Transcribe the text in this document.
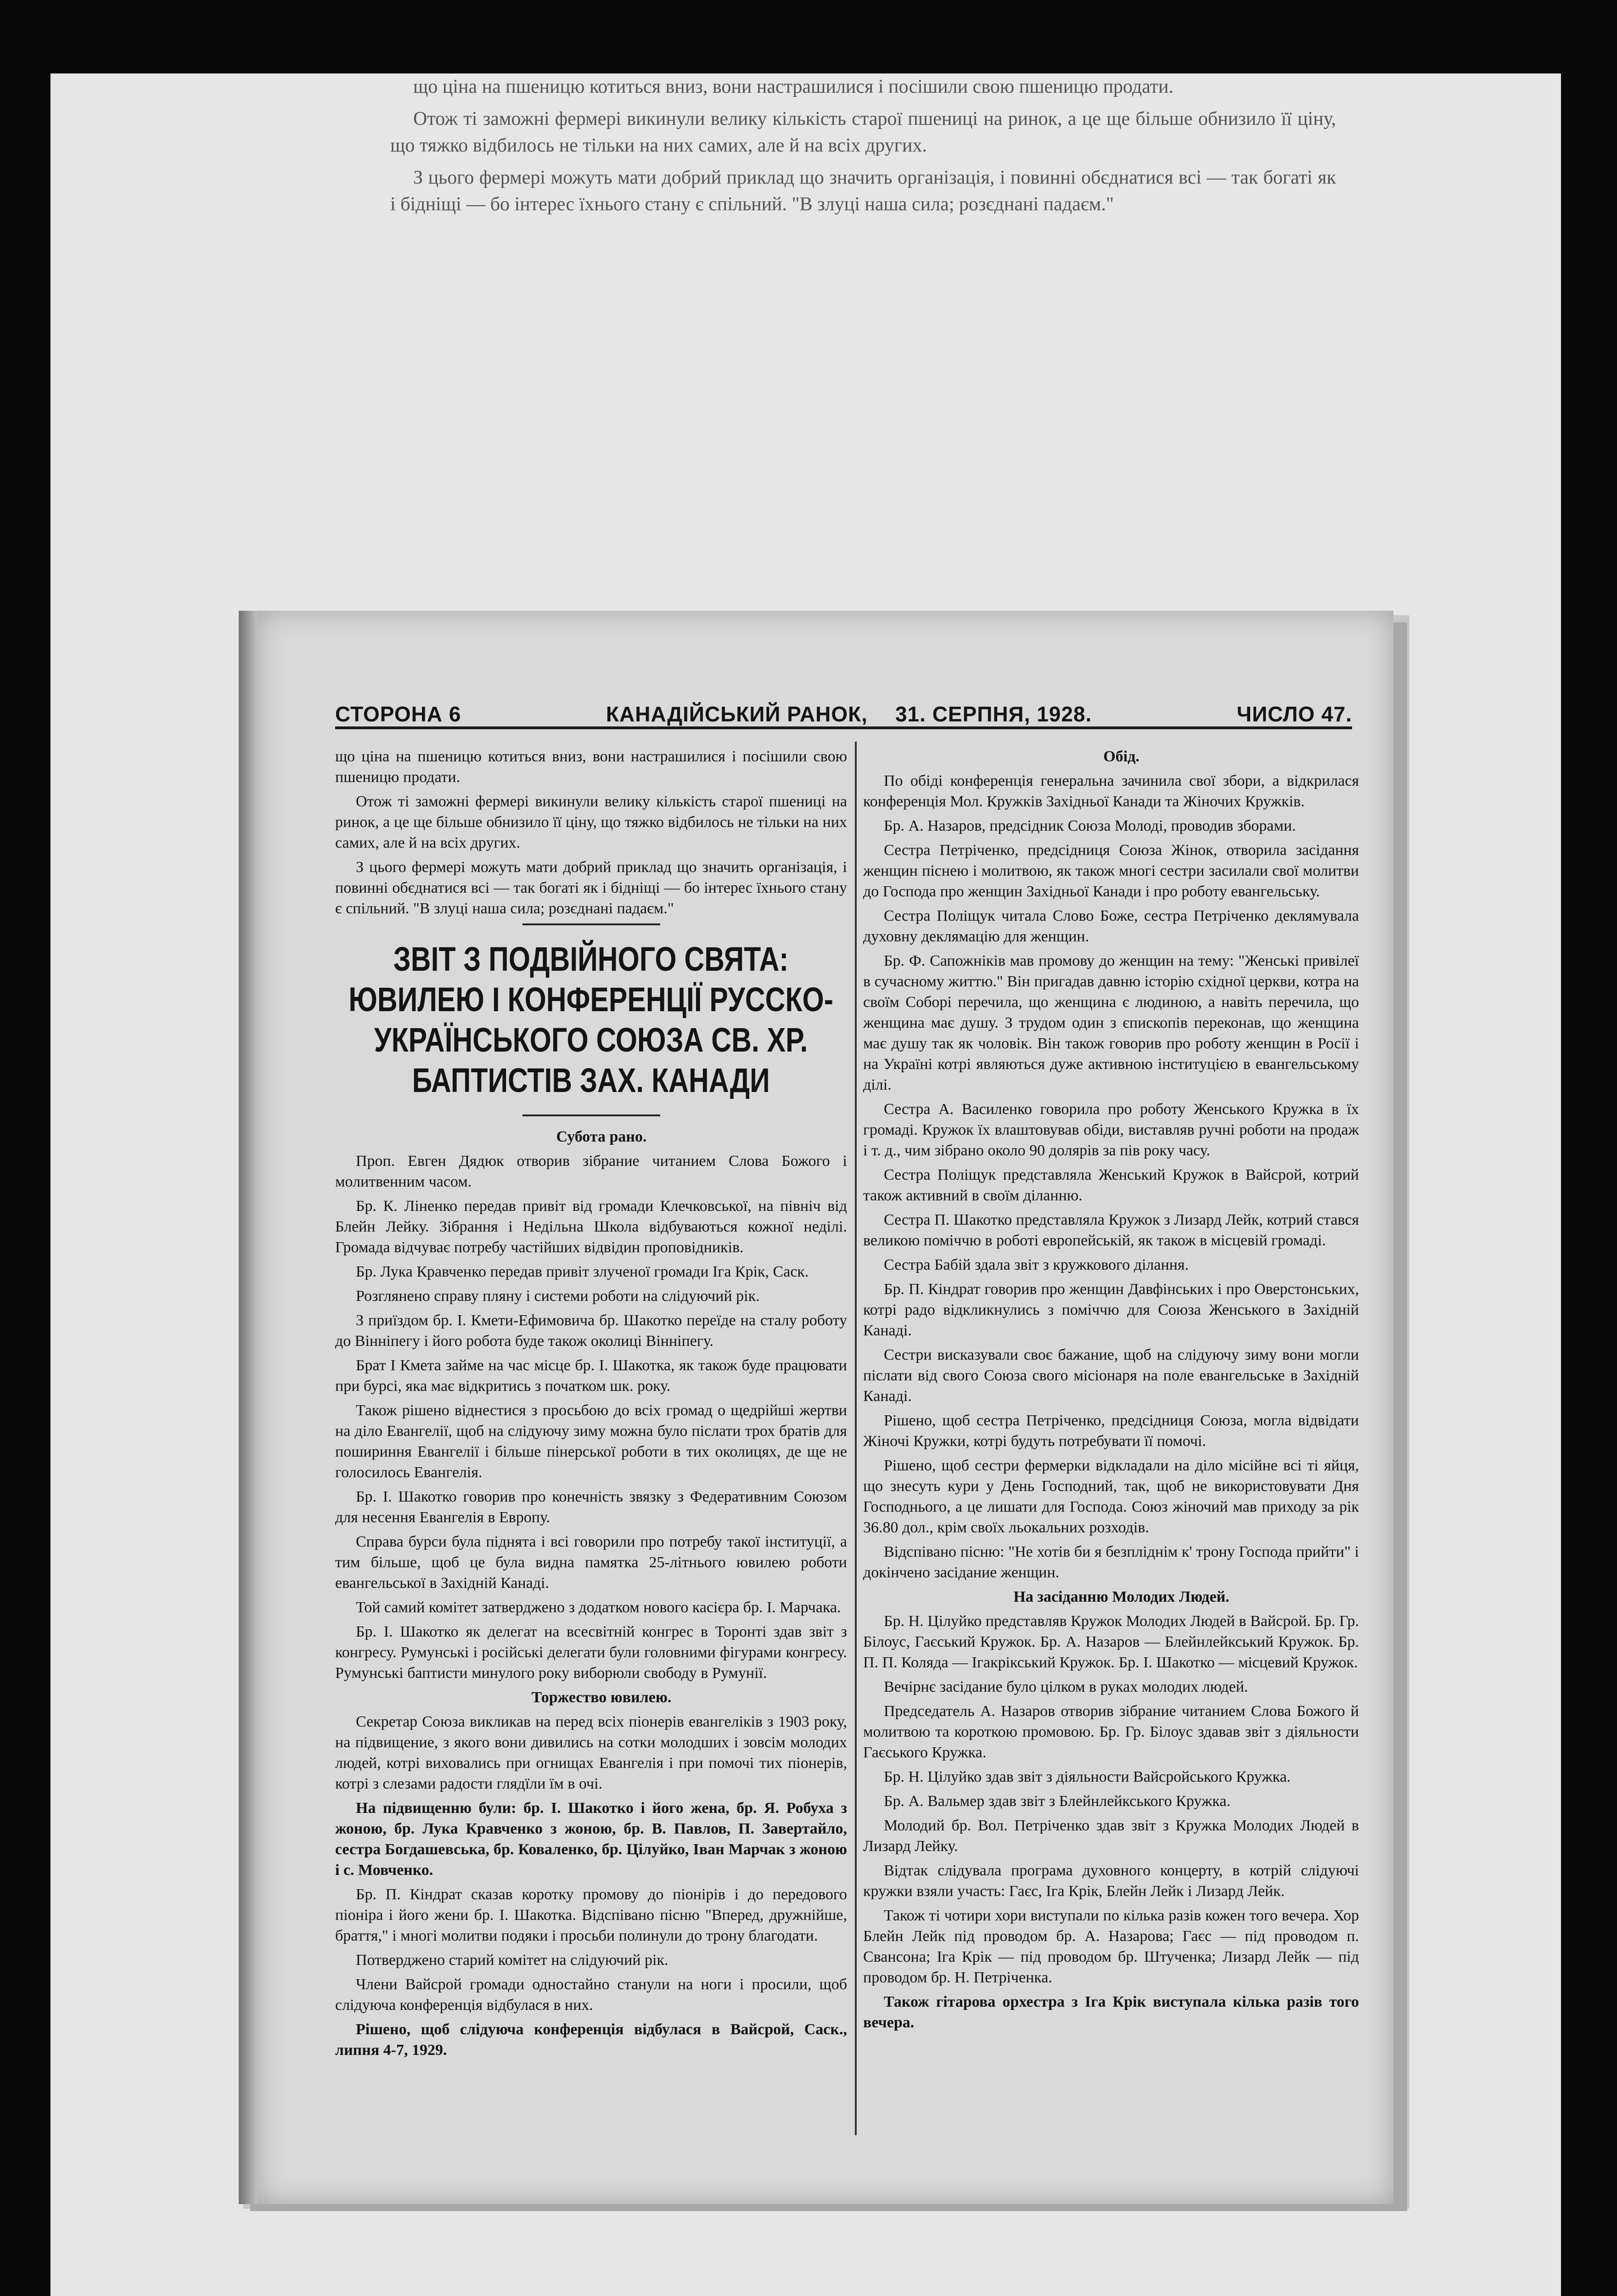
що ціна на пшеницю котиться вниз, вони настрашилися і посішили свою пшеницю продати.

Отож ті заможні фермері викинули велику кількість старої пшениці на ринок, а це ще більше обнизило її ціну, що тяжко відбилось не тільки на них самих, але й на всіх других.

З цього фермері можуть мати добрий приклад що значить організація, і повинні обєднатися всі — так богаті як і бідніщі — бо інтерес їхнього стану є спільний. "В злуці наша сила; розєднані падаєм."

СТОРОНА 6	КАНАДІЙСЬКИЙ РАНОК, 31. СЕРПНЯ, 1928.	ЧИСЛО 47.

що ціна на пшеницю котиться вниз, вони настрашилися і посішили свою пшеницю продати.

Отож ті заможні фермері викинули велику кількість старої пшениці на ринок, а це ще більше обнизило її ціну, що тяжко відбилось не тільки на них самих, але й на всіх других.

З цього фермері можуть мати добрий приклад що значить організація, і повинні обєднатися всі — так богаті як і бідніщі — бо інтерес їхнього стану є спільний. "В злуці наша сила; розєднані падаєм."

ЗВІТ З ПОДВІЙНОГО СВЯТА: ЮВИЛЕЮ І КОНФЕРЕНЦІЇ РУССКО-УКРАЇНСЬКОГО СОЮЗА СВ. ХР. БАПТИСТІВ ЗАХ. КАНАДИ

Субота рано.

Проп. Евген Дядюк отворив зібрание читанием Слова Божого і молитвенним часом.

Бр. К. Ліненко передав привіт від громади Клечковської, на північ від Блейн Лейку. Зібрання і Недільна Школа відбуваються кожної неділі. Громада відчуває потребу частійших відвідин проповідників.

Бр. Лука Кравченко передав привіт злученої громади Іга Крік, Саск.

Розглянено справу пляну і системи роботи на слідуючий рік.

З приїздом бр. І. Кмети-Ефимовича бр. Шакотко переїде на сталу роботу до Вінніпегу і його робота буде також околиці Вінніпегу.

Брат І Кмета займе на час місце бр. І. Шакотка, як також буде працювати при бурсі, яка має відкритись з початком шк. року.

Також рішено віднестися з просьбою до всіх громад о щедрійші жертви на діло Евангелії, щоб на слідуючу зиму можна було післати трох братів для пошириння Евангелії і більше пінерської роботи в тих околицях, де ще не голосилось Евангелія.

Бр. І. Шакотко говорив про конечність звязку з Федеративним Союзом для несення Евангелія в Европу.

Справа бурси була піднята і всі говорили про потребу такої інституції, а тим більше, щоб це була видна памятка 25-літнього ювилею роботи евангельської в Західній Канаді.

Той самий комітет затверджено з додатком нового касієра бр. І. Марчака.

Бр. І. Шакотко як делегат на всесвітній конгрес в Торонті здав звіт з конгресу. Румунські і російські делегати були головними фігурами конгресу. Румунські баптисти минулого року виборюли свободу в Румунії.

Торжество ювилею.

Секретар Союза викликав на перед всіх піонерів евангеліків з 1903 року, на підвищение, з якого вони дивились на сотки молодших і зовсім молодих людей, котрі виховались при огнищах Евангелія і при помочі тих піонерів, котрі з слезами радости глядїли їм в очі.

На підвищенню були: бр. І. Шакотко і його жена, бр. Я. Робуха з жоною, бр. Лука Кравченко з жоною, бр. В. Павлов, П. Завертайло, сестра Богдашевська, бр. Коваленко, бр. Цілуйко, Іван Марчак з жоною і с. Мовченко.

Бр. П. Кіндрат сказав коротку промову до піонірів і до передового піоніра і його жени бр. І. Шакотка. Відспівано пісню "Вперед, дружнійше, браття," і многі молитви подяки і просьби полинули до трону благодати.

Потверджено старий комітет на слідуючий рік.

Члени Вайсрой громади одностайно станули на ноги і просили, щоб слідуюча конференція відбулася в них.

Рішено, щоб слідуюча конференція відбулася в Вайсрой, Саск., липня 4-7, 1929.

Обід.

По обіді конференція генеральна зачинила свої збори, а відкрилася конференція Мол. Кружків Західньої Канади та Жіночих Кружків.

Бр. А. Назаров, предсідник Союза Молоді, проводив зборами.

Сестра Петріченко, предсідниця Союза Жінок, отворила засідання женщин піснею і молитвою, як також многі сестри засилали свої молитви до Господа про женщин Західньої Канади і про роботу евангельську.

Сестра Поліщук читала Слово Боже, сестра Петріченко деклямувала духовну деклямацію для женщин.

Бр. Ф. Сапожніків мав промову до женщин на тему: "Женські привілеї в сучасному життю." Він пригадав давню історію східної церкви, котра на своїм Соборі перечила, що женщина є людиною, а навіть перечила, що женщина має душу. З трудом один з єпископів переконав, що женщина має душу так як чоловік. Він також говорив про роботу женщин в Росії і на Україні котрі являються дуже активною інституцією в евангельському ділі.

Сестра А. Василенко говорила про роботу Женського Кружка в їх громаді. Кружок їх влаштовував обіди, виставляв ручні роботи на продаж і т. д., чим зібрано около 90 долярів за пів року часу.

Сестра Поліщук представляла Женський Кружок в Вайсрой, котрий також активний в своїм діланню.

Сестра П. Шакотко представляла Кружок з Лизард Лейк, котрий стався великою поміччю в роботі европейській, як також в місцевій громаді.

Сестра Бабій здала звіт з кружкового ділання.

Бр. П. Кіндрат говорив про женщин Давфінських і про Оверстонських, котрі радо відкликнулись з поміччю для Союза Женського в Західній Канаді.

Сестри висказували своє бажание, щоб на слідуючу зиму вони могли післати від свого Союза свого місіонаря на поле евангельське в Західній Канаді.

Рішено, щоб сестра Петріченко, предсідниця Союза, могла відвідати Жіночі Кружки, котрі будуть потребувати її помочі.

Рішено, щоб сестри фермерки відкладали на діло місійне всі ті яйця, що знесуть кури у День Господний, так, щоб не використовувати Дня Господнього, а це лишати для Господа. Союз жіночий мав приходу за рік 36.80 дол., крім своїх льокальних розходів.

Відспівано пісню: "Не хотів би я безпліднім к' трону Господа прийти" і докінчено засідание женщин.

На засіданню Молодих Людей.

Бр. Н. Цілуйко представляв Кружок Молодих Людей в Вайсрой. Бр. Гр. Білоус, Гаєський Кружок. Бр. А. Назаров — Блейнлейкський Кружок. Бр. П. П. Коляда — Ігакрікський Кружок. Бр. І. Шакотко — місцевий Кружок.

Вечірнє засідание було цілком в руках молодих людей.

Председатель А. Назаров отворив зібрание читанием Слова Божого й молитвою та короткою промовою. Бр. Гр. Білоус здавав звіт з діяльности Гаєського Кружка.

Бр. Н. Цілуйко здав звіт з діяльности Вайсройського Кружка.

Бр. А. Вальмер здав звіт з Блейнлейкського Кружка.

Молодий бр. Вол. Петріченко здав звіт з Кружка Молодих Людей в Лизард Лейку.

Відтак слідувала програма духовного концерту, в котрій слідуючі кружки взяли участь: Гаєс, Іга Крік, Блейн Лейк і Лизард Лейк.

Також ті чотири хори виступали по кілька разів кожен того вечера. Хор Блейн Лейк під проводом бр. А. Назарова; Гаєс — під проводом п. Свансона; Іга Крік — під проводом бр. Штученка; Лизард Лейк — під проводом бр. Н. Петріченка.

Також гітарова орхестра з Іга Крік виступала кілька разів того вечера.
